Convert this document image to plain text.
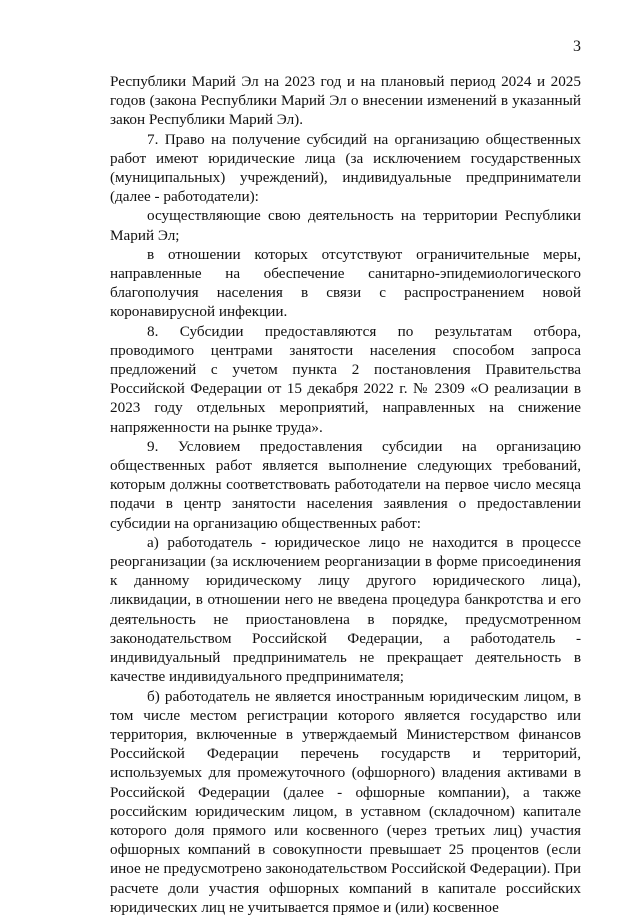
3

Республики Марий Эл на 2023 год и на плановый период 2024 и 2025 годов (закона Республики Марий Эл о внесении изменений в указанный закон Республики Марий Эл).

7. Право на получение субсидий на организацию общественных работ имеют юридические лица (за исключением государственных (муниципальных) учреждений), индивидуальные предприниматели (далее - работодатели):

осуществляющие свою деятельность на территории Республики Марий Эл;

в отношении которых отсутствуют ограничительные меры, направленные на обеспечение санитарно-эпидемиологического благополучия населения в связи с распространением новой коронавирусной инфекции.

8. Субсидии предоставляются по результатам отбора, проводимого центрами занятости населения способом запроса предложений с учетом пункта 2 постановления Правительства Российской Федерации от 15 декабря 2022 г. № 2309 «О реализации в 2023 году отдельных мероприятий, направленных на снижение напряженности на рынке труда».

9. Условием предоставления субсидии на организацию общественных работ является выполнение следующих требований, которым должны соответствовать работодатели на первое число месяца подачи в центр занятости населения заявления о предоставлении субсидии на организацию общественных работ:

а) работодатель - юридическое лицо не находится в процессе реорганизации (за исключением реорганизации в форме присоединения к данному юридическому лицу другого юридического лица), ликвидации, в отношении него не введена процедура банкротства и его деятельность не приостановлена в порядке, предусмотренном законодательством Российской Федерации, а работодатель - индивидуальный предприниматель не прекращает деятельность в качестве индивидуального предпринимателя;

б) работодатель не является иностранным юридическим лицом, в том числе местом регистрации которого является государство или территория, включенные в утверждаемый Министерством финансов Российской Федерации перечень государств и территорий, используемых для промежуточного (офшорного) владения активами в Российской Федерации (далее - офшорные компании), а также российским юридическим лицом, в уставном (складочном) капитале которого доля прямого или косвенного (через третьих лиц) участия офшорных компаний в совокупности превышает 25 процентов (если иное не предусмотрено законодательством Российской Федерации). При расчете доли участия офшорных компаний в капитале российских юридических лиц не учитывается прямое и (или) косвенное
